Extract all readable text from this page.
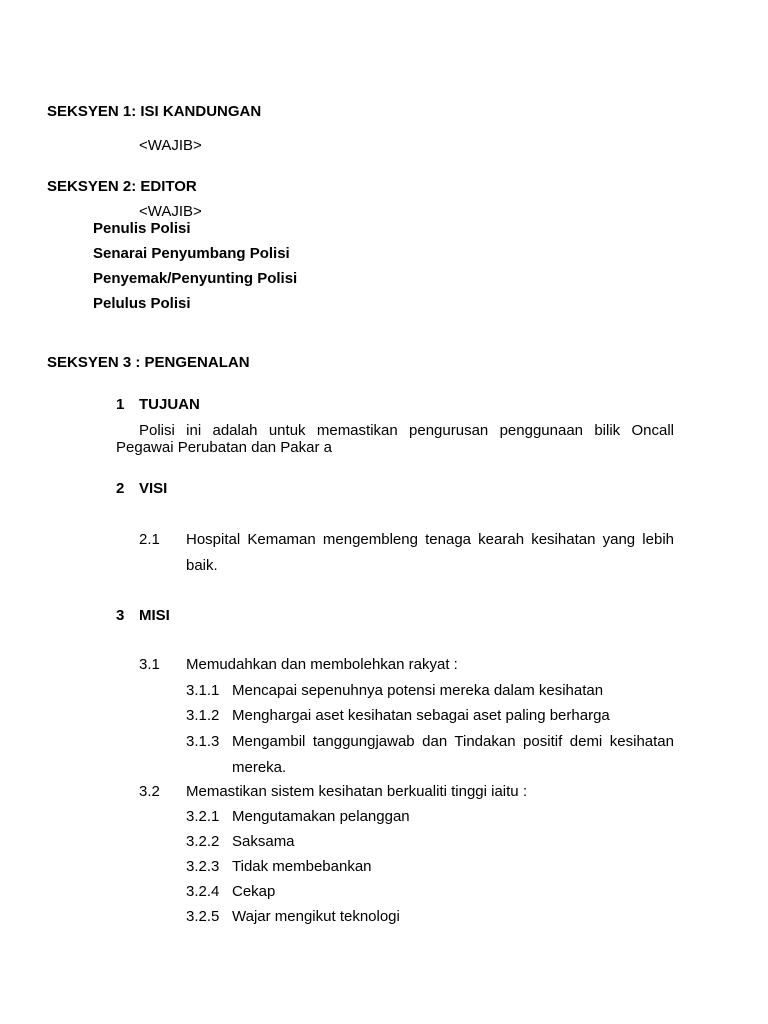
SEKSYEN 1: ISI KANDUNGAN
<WAJIB>
SEKSYEN 2: EDITOR
<WAJIB>
Penulis Polisi
Senarai Penyumbang Polisi
Penyemak/Penyunting Polisi
Pelulus Polisi
SEKSYEN 3 : PENGENALAN
1 TUJUAN
Polisi ini adalah untuk memastikan pengurusan penggunaan bilik Oncall Pegawai Perubatan dan Pakar a
2 VISI
2.1 Hospital Kemaman mengembleng tenaga kearah kesihatan yang lebih baik.
3 MISI
3.1 Memudahkan dan membolehkan rakyat :
3.1.1 Mencapai sepenuhnya potensi mereka dalam kesihatan
3.1.2 Menghargai aset kesihatan sebagai aset paling berharga
3.1.3 Mengambil tanggungjawab dan Tindakan positif demi kesihatan mereka.
3.2 Memastikan sistem kesihatan berkualiti tinggi iaitu :
3.2.1 Mengutamakan pelanggan
3.2.2 Saksama
3.2.3 Tidak membebankan
3.2.4 Cekap
3.2.5 Wajar mengikut teknologi
